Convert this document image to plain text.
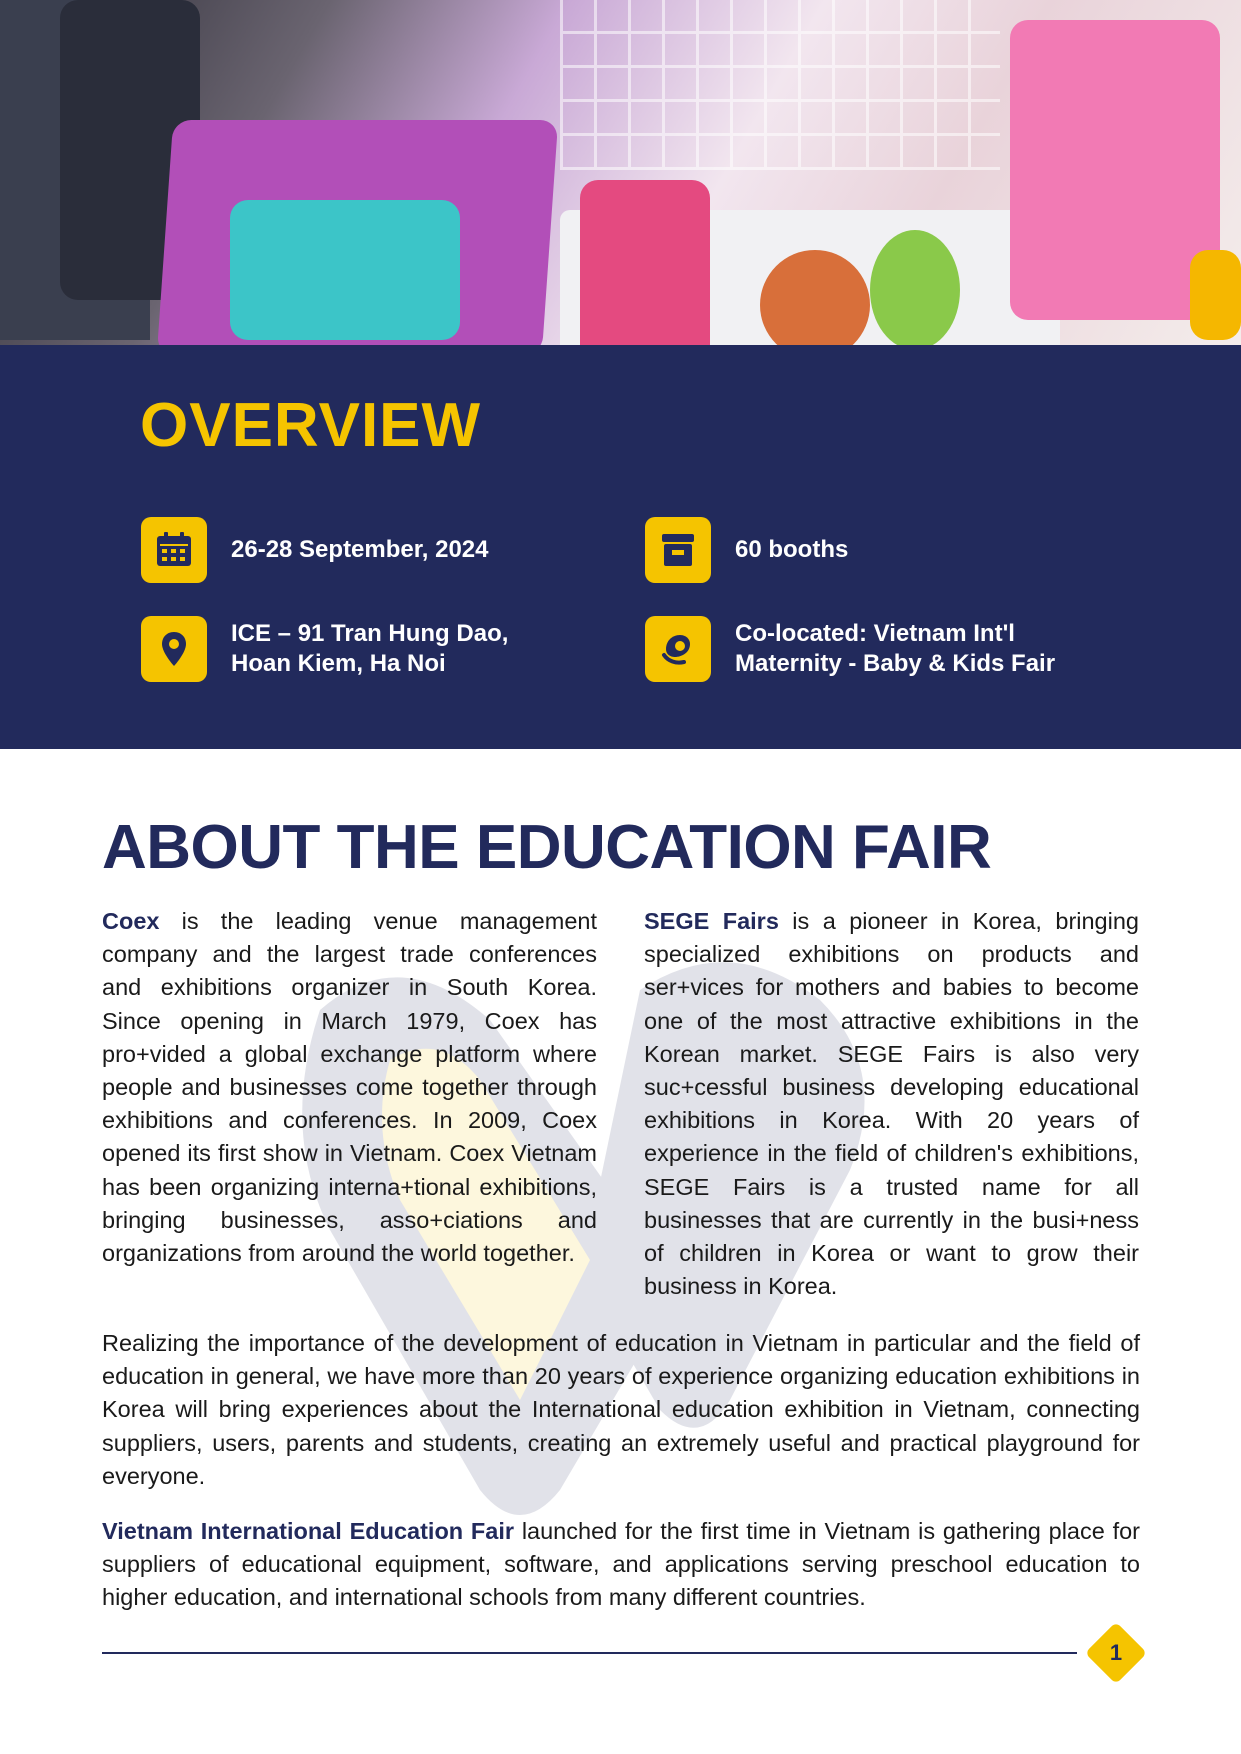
OVERVIEW
26-28 September, 2024	60 booths
ICE – 91 Tran Hung Dao,
Hoan Kiem, Ha Noi
Co-located: Vietnam Int'l
Maternity - Baby & Kids Fair
ABOUT THE EDUCATION FAIR

Coex is the leading venue management company and the largest trade conferences and exhibitions organizer in South Korea. Since opening in March 1979, Coex has pro+vided a global exchange platform where people and businesses come together through exhibitions and conferences. In 2009, Coex opened its first show in Vietnam. Coex Vietnam has been organizing interna+tional exhibitions, bringing businesses, asso+ciations and organizations from around the world together.

SEGE Fairs is a pioneer in Korea, bringing specialized exhibitions on products and ser+vices for mothers and babies to become one of the most attractive exhibitions in the Korean market. SEGE Fairs is also very suc+cessful business developing educational exhibitions in Korea. With 20 years of experience in the field of children's exhibitions, SEGE Fairs is a trusted name for all businesses that are currently in the busi+ness of children in Korea or want to grow their business in Korea.

Realizing the importance of the development of education in Vietnam in particular and the field of education in general, we have more than 20 years of experience organizing education exhibitions in Korea will bring experiences about the International education exhibition in Vietnam, connecting suppliers, users, parents and students, creating an extremely useful and practical playground for everyone.

Vietnam International Education Fair launched for the first time in Vietnam is gathering place for suppliers of educational equipment, software, and applications serving preschool education to higher education, and international schools from many different countries.

1
